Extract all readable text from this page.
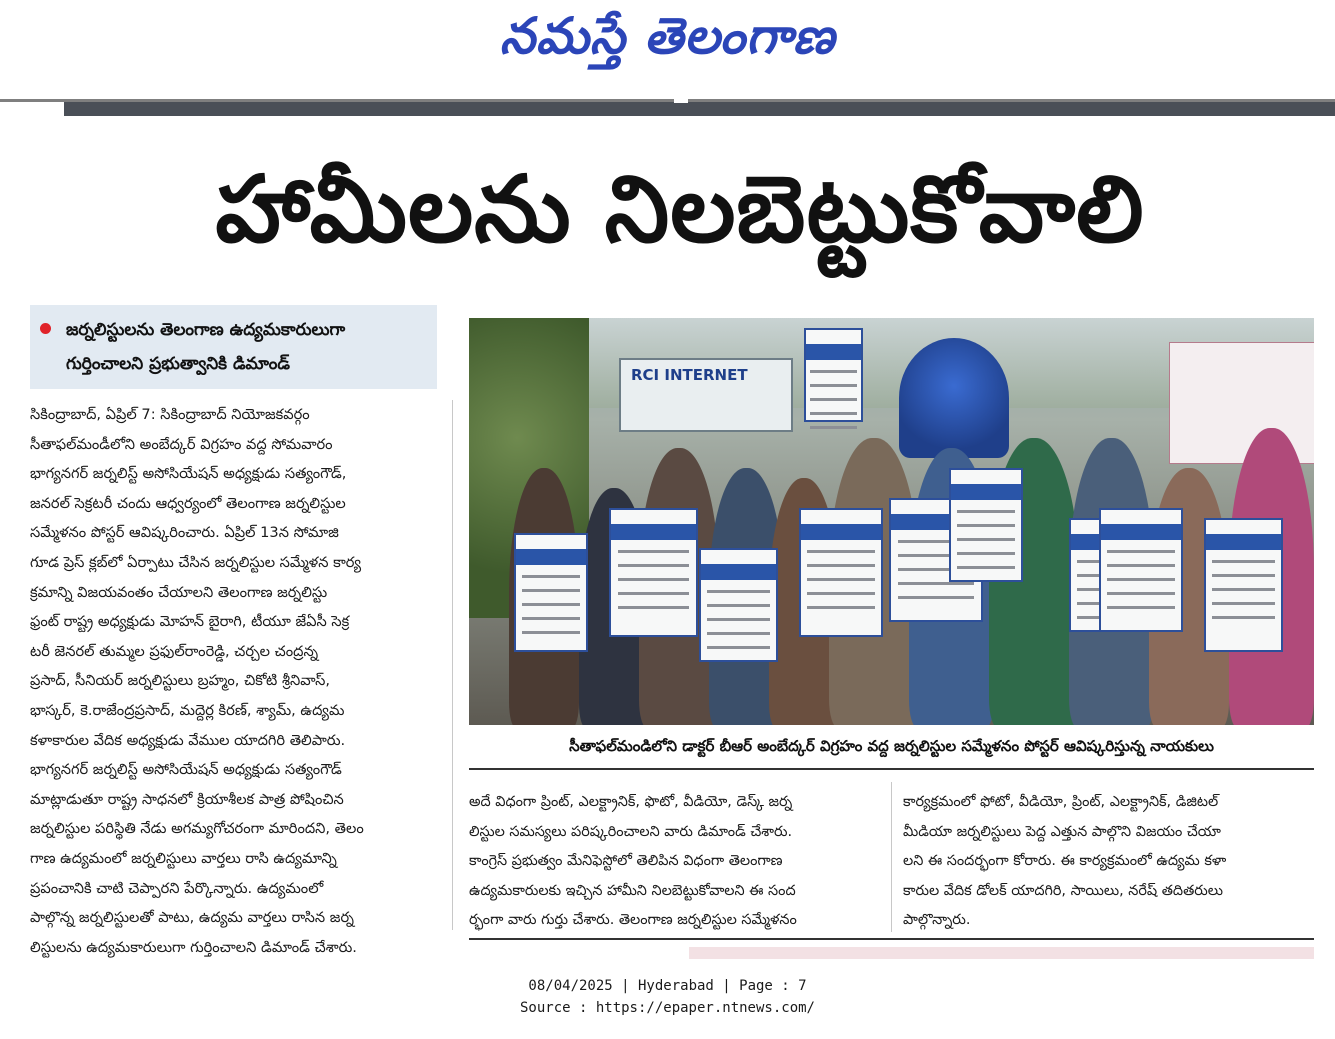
నమస్తే తెలంగాణ
హామీలను నిలబెట్టుకోవాలి
జర్నలిస్టులను తెలంగాణ ఉద్యమకారులుగా
గుర్తించాలని ప్రభుత్వానికి డిమాండ్
సికింద్రాబాద్, ఏప్రిల్ 7: సికింద్రాబాద్ నియోజకవర్గం
సీతాఫల్‌మండీలోని అంబేద్కర్ విగ్రహం వద్ద సోమవారం
భాగ్యనగర్ జర్నలిస్ట్ అసోసియేషన్ అధ్యక్షుడు సత్యంగౌడ్,
జనరల్ సెక్రటరీ చందు ఆధ్వర్యంలో తెలంగాణ జర్నలిస్టుల
సమ్మేళనం పోస్టర్ ఆవిష్కరించారు. ఏప్రిల్ 13న సోమాజి
గూడ ప్రెస్ క్లబ్‌లో ఏర్పాటు చేసిన జర్నలిస్టుల సమ్మేళన కార్య
క్రమాన్ని విజయవంతం చేయాలని తెలంగాణ జర్నలిస్టు
ఫ్రంట్ రాష్ట్ర అధ్యక్షుడు మోహన్ బైరాగి, టీయూ జేఏసీ సెక్ర
టరీ జెనరల్ తుమ్మల ప్రఫుల్‌రాంరెడ్డి, చర్చల చంద్రన్న
ప్రసాద్, సీనియర్ జర్నలిస్టులు బ్రహ్మం, చికోటి శ్రీనివాస్,
భాస్కర్, కె.రాజేంద్రప్రసాద్, మద్దెర్ల కిరణ్, శ్యామ్, ఉద్యమ
కళాకారుల వేదిక అధ్యక్షుడు వేముల యాదగిరి తెలిపారు.
భాగ్యనగర్ జర్నలిస్ట్ అసోసియేషన్ అధ్యక్షుడు సత్యంగౌడ్
మాట్లాడుతూ రాష్ట్ర సాధనలో క్రియాశీలక పాత్ర పోషించిన
జర్నలిస్టుల పరిస్థితి నేడు అగమ్యగోచరంగా మారిందని, తెలం
గాణ ఉద్యమంలో జర్నలిస్టులు వార్తలు రాసి ఉద్యమాన్ని
ప్రపంచానికి చాటి చెప్పారని పేర్కొన్నారు. ఉద్యమంలో
పాల్గొన్న జర్నలిస్టులతో పాటు, ఉద్యమ వార్తలు రాసిన జర్న
లిస్టులను ఉద్యమకారులుగా గుర్తించాలని డిమాండ్ చేశారు.
RCI INTERNET
సీతాఫల్‌మండిలోని డాక్టర్ బీఆర్ అంబేద్కర్ విగ్రహం వద్ద జర్నలిస్టుల సమ్మేళనం పోస్టర్ ఆవిష్కరిస్తున్న నాయకులు
అదే విధంగా ప్రింట్, ఎలక్ట్రానిక్, ఫొటో, వీడియో, డెస్క్ జర్న
లిస్టుల సమస్యలు పరిష్కరించాలని వారు డిమాండ్ చేశారు.
కాంగ్రెస్ ప్రభుత్వం మేనిఫెస్టోలో తెలిపిన విధంగా తెలంగాణ
ఉద్యమకారులకు ఇచ్చిన హామీని నిలబెట్టుకోవాలని ఈ సంద
ర్భంగా వారు గుర్తు చేశారు. తెలంగాణ జర్నలిస్టుల సమ్మేళనం
కార్యక్రమంలో ఫోటో, వీడియో, ప్రింట్, ఎలక్ట్రానిక్, డిజిటల్
మీడియా జర్నలిస్టులు పెద్ద ఎత్తున పాల్గొని విజయం చేయా
లని ఈ సందర్భంగా కోరారు. ఈ కార్యక్రమంలో ఉద్యమ కళా
కారుల వేదిక డోలక్ యాదగిరి, సాయిలు, నరేష్ తదితరులు
పాల్గొన్నారు.
08/04/2025 | Hyderabad | Page : 7
Source : https://epaper.ntnews.com/
